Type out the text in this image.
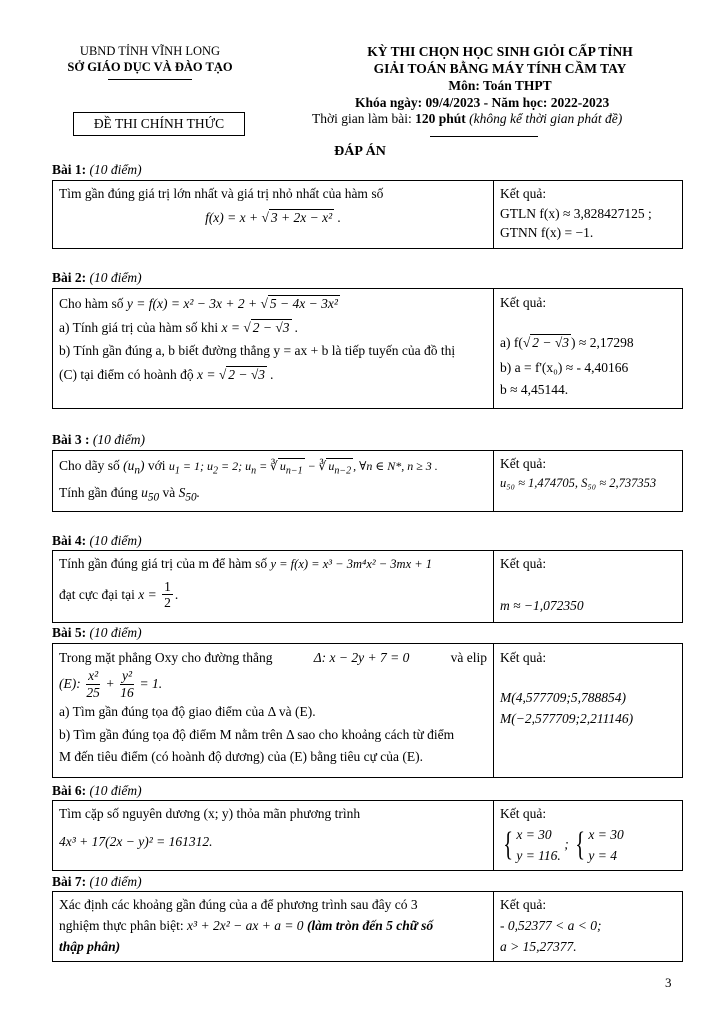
UBND TỈNH VĨNH LONG
SỞ GIÁO DỤC VÀ ĐÀO TẠO
KỲ THI CHỌN HỌC SINH GIỎI CẤP TỈNH
GIẢI TOÁN BẰNG MÁY TÍNH CẦM TAY
Môn: Toán THPT
Khóa ngày: 09/4/2023 - Năm học: 2022-2023
Thời gian làm bài: 120 phút (không kể thời gian phát đề)
ĐỀ THI CHÍNH THỨC
ĐÁP ÁN
Bài 1: (10 điểm)
Tìm gần đúng giá trị lớn nhất và giá trị nhỏ nhất của hàm số
f(x) = x + √ 3 + 2x − x² .

Kết quả:
GTLN f(x) ≈ 3,828427125 ;
GTNN f(x) = −1.
Bài 2: (10 điểm)
Cho hàm số y = f(x) = x² − 3x + 2 + √ 5 − 4x − 3x²
a) Tính giá trị của hàm số khi x = √ 2 − √3 .
b) Tính gần đúng a, b biết đường thẳng y = ax + b là tiếp tuyến của đồ thị
(C) tại điểm có hoành độ x = √ 2 − √3 .

Kết quả:
a) f(√ 2 − √3 ) ≈ 2,17298
b) a = f'(x₀) ≈ - 4,40166
b ≈ 4,45144.
Bài 3 : (10 điểm)
Cho dãy số $(u_n)$ với $u_1 = 1$; $u_2 = 2$; $u_n$ = ∛ $u_{n-1}$ − ∛ $u_{n-2}$ , ∀n ∈ N*, n ≥ 3 .
Tính gần đúng $u_{50}$ và $S_{50}$.

Kết quả:
u₅₀ ≈ 1,474705, S₅₀ ≈ 2,737353
Bài 4: (10 điểm)
Tính gần đúng giá trị của m để hàm số y = f(x) = x³ − 3m⁴x² − 3mx + 1
đạt cực đại tại $x = \frac{1}{2}$ .

Kết quả:
m ≈ −1,072350
Bài 5: (10 điểm)
Trong mặt phẳng Oxy cho đường thẳng	Δ: x − 2y + 7 = 0	và elip
(E): $\frac{\text{x²}}{25} + \frac{\text{y²}}{16} = 1$.
a) Tìm gần đúng tọa độ giao điểm của Δ và (E).
b) Tìm gần đúng tọa độ điểm M nằm trên Δ sao cho khoảng cách từ điểm
M đến tiêu điểm (có hoành độ dương) của (E) bằng tiêu cự của (E).

Kết quả:
M(4,577709;5,788854)
M(−2,577709;2,211146)
Bài 6: (10 điểm)
Tìm cặp số nguyên dương (x; y) thỏa mãn phương trình
4x³ + 17(2x − y)² = 161312.

Kết quả:
{ x = 30
y = 116. ; { x = 30
y = 4
Bài 7: (10 điểm)
Xác định các khoảng gần đúng của a để phương trình sau đây có 3
nghiệm thực phân biệt: x³ + 2x² − ax + a = 0 (làm tròn đến 5 chữ số
thập phân)

Kết quả:
- 0,52377 < a < 0;
a > 15,27377.
3
